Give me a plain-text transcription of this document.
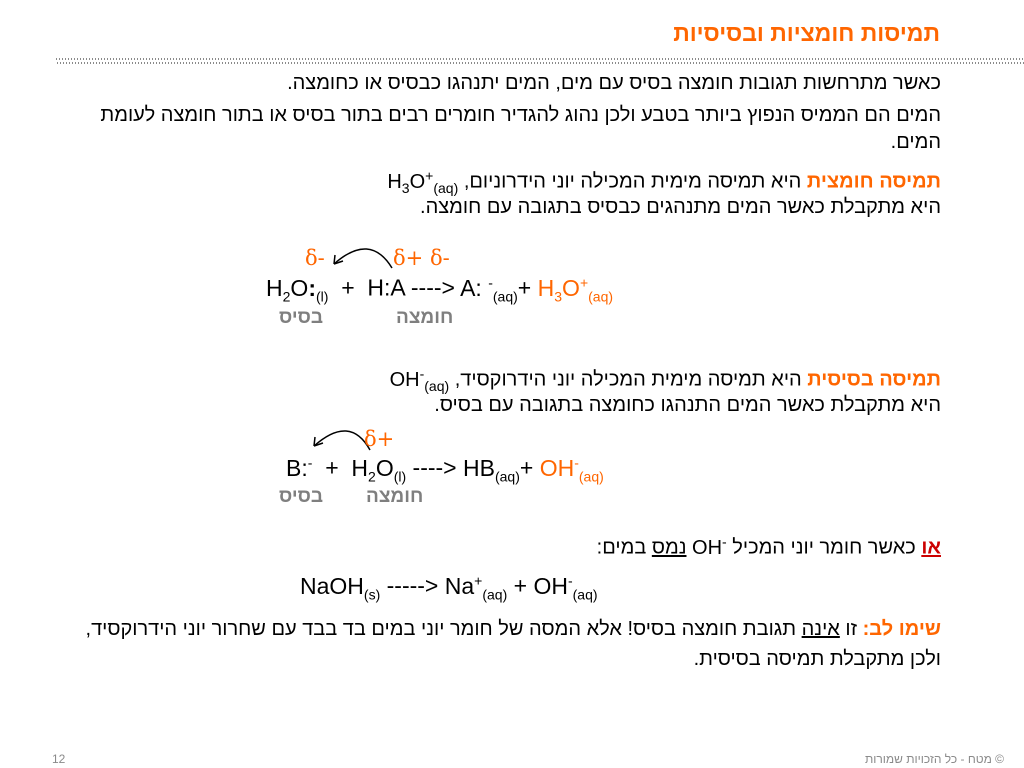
תמיסות חומציות ובסיסיות
כאשר מתרחשות תגובות חומצה בסיס עם מים, המים יתנהגו כבסיס או כחומצה.
המים הם הממיס הנפוץ ביותר בטבע ולכן נהוג להגדיר חומרים רבים בתור בסיס או בתור חומצה לעומת המים.
תמיסה חומצית היא תמיסה מימית המכילה יוני הידרוניום, $H_3O^+_{(aq)}$
היא מתקבלת כאשר המים מתנהגים כבסיס בתגובה עם חומצה.
δ-	δ+ δ-
$H_2O:_{(l)}$ + H:A ----> A: $^-_{(aq)}+ H_3O^+_{(aq)}$
בסיס	חומצה
תמיסה בסיסית היא תמיסה מימית המכילה יוני הידרוקסיד, $OH^-_{(aq)}$
היא מתקבלת כאשר המים התנהגו כחומצה בתגובה עם בסיס.
δ+
B:- + $H_2O_{(l)}$ ----> $HB_{(aq)}+ OH^-_{(aq)}$
בסיס חומצה
או כאשר חומר יוני המכיל OH- נמס במים:
NaOH$_{(s)}$ -----> $Na^+_{(aq)} + OH^-_{(aq)}$
שימו לב: זו אינה תגובת חומצה בסיס! אלא המסה של חומר יוני במים בד בבד עם שחרור יוני הידרוקסיד, ולכן מתקבלת תמיסה בסיסית.
12	© מטח - כל הזכויות שמורות
